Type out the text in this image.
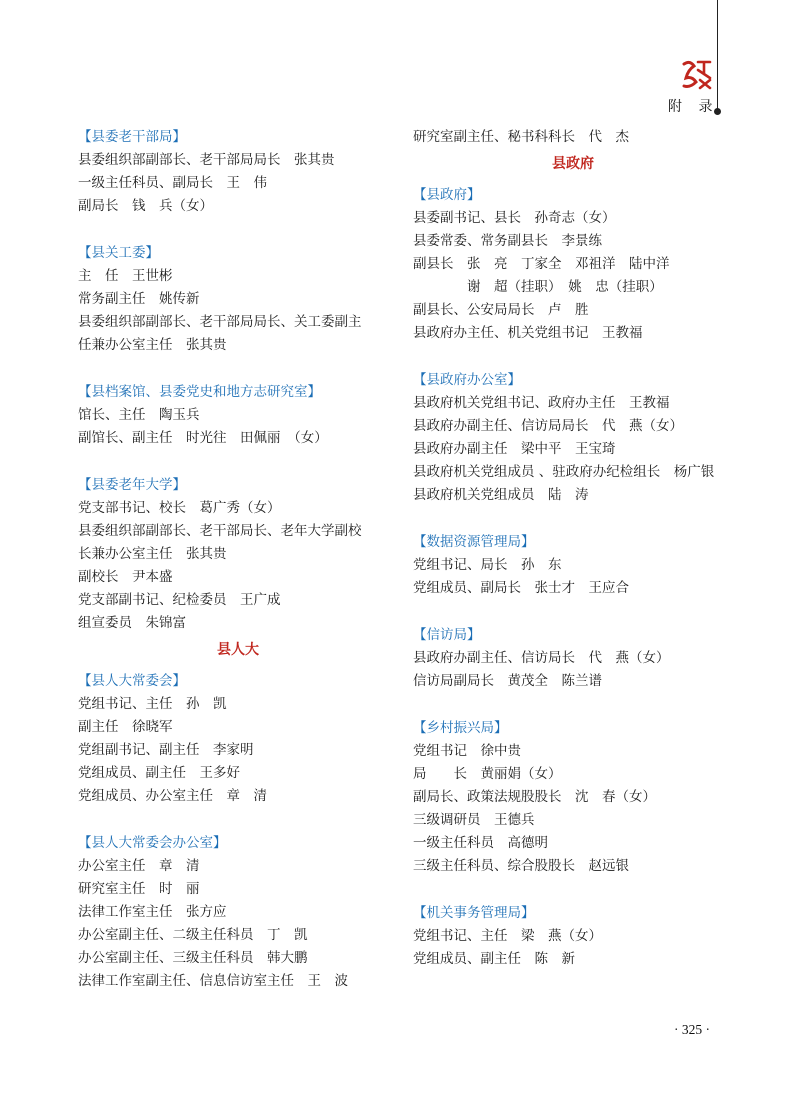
附 录
【县委老干部局】
县委组织部副部长、老干部局局长　张其贵
一级主任科员、副局长　王　伟
副局长　钱　兵（女）
【县关工委】
主　任　王世彬
常务副主任　姚传新
县委组织部副部长、老干部局局长、关工委副主
任兼办公室主任　张其贵
【县档案馆、县委党史和地方志研究室】
馆长、主任　陶玉兵
副馆长、副主任　时光往　田佩丽　（女）
【县委老年大学】
党支部书记、校长　葛广秀（女）
县委组织部副部长、老干部局长、老年大学副校
长兼办公室主任　张其贵
副校长　尹本盛
党支部副书记、纪检委员　王广成
组宣委员　朱锦富
县人大
【县人大常委会】
党组书记、主任　孙　凯
副主任　徐晓军
党组副书记、副主任　李家明
党组成员、副主任　王多好
党组成员、办公室主任　章　清
【县人大常委会办公室】
办公室主任　章　清
研究室主任　时　丽
法律工作室主任　张方应
办公室副主任、二级主任科员　丁　凯
办公室副主任、三级主任科员　韩大鹏
法律工作室副主任、信息信访室主任　王　波
研究室副主任、秘书科科长　代　杰
县政府
【县政府】
县委副书记、县长　孙奇志（女）
县委常委、常务副县长　李景练
副县长　张　亮　丁家全　邓祖洋　陆中洋
　　　　谢　超（挂职）　姚　忠（挂职）
副县长、公安局局长　卢　胜
县政府办主任、机关党组书记　王教福
【县政府办公室】
县政府机关党组书记、政府办主任　王教福
县政府办副主任、信访局局长　代　燕（女）
县政府办副主任　梁中平　王宝琦
县政府机关党组成员 、驻政府办纪检组长　杨广银
县政府机关党组成员　陆　涛
【数据资源管理局】
党组书记、局长　孙　东
党组成员、副局长　张士才　王应合
【信访局】
县政府办副主任、信访局长　代　燕（女）
信访局副局长　黄茂全　陈兰谱
【乡村振兴局】
党组书记　徐中贵
局　　长　黄丽娟（女）
副局长、政策法规股股长　沈　春（女）
三级调研员　王德兵
一级主任科员　高德明
三级主任科员、综合股股长　赵远银
【机关事务管理局】
党组书记、主任　梁　燕（女）
党组成员、副主任　陈　新
· 325 ·
